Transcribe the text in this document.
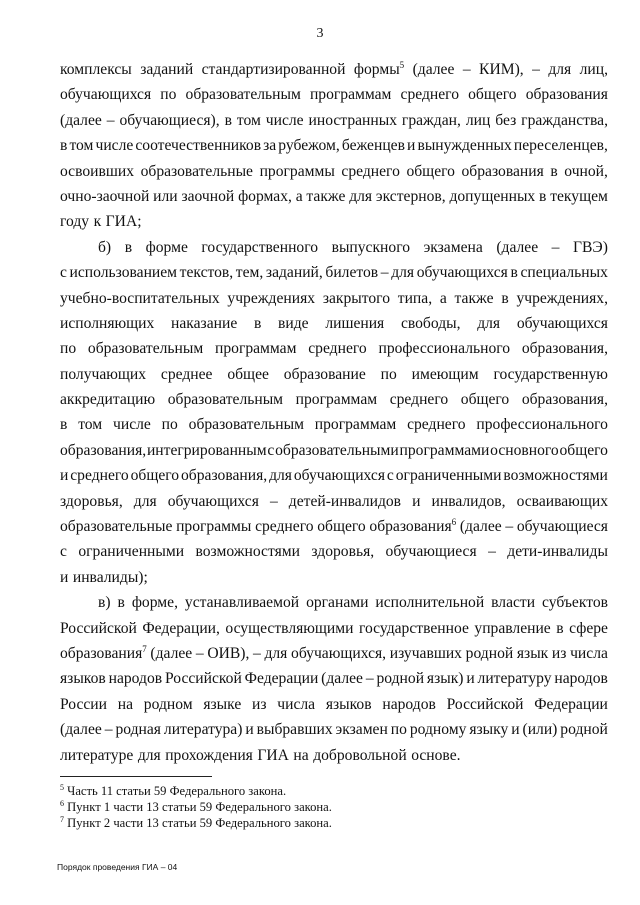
3
комплексы заданий стандартизированной формы$^5$ (далее – КИМ), – для лиц,
обучающихся по образовательным программам среднего общего образования
(далее – обучающиеся), в том числе иностранных граждан, лиц без гражданства,
в том числе соотечественников за рубежом, беженцев и вынужденных переселенцев,
освоивших образовательные программы среднего общего образования в очной,
очно-заочной или заочной формах, а также для экстернов, допущенных в текущем
году к ГИА;
б) в форме государственного выпускного экзамена (далее – ГВЭ)
с использованием текстов, тем, заданий, билетов – для обучающихся в специальных
учебно-воспитательных учреждениях закрытого типа, а также в учреждениях,
исполняющих наказание в виде лишения свободы, для обучающихся
по образовательным программам среднего профессионального образования,
получающих среднее общее образование по имеющим государственную
аккредитацию образовательным программам среднего общего образования,
в том числе по образовательным программам среднего профессионального
образования, интегрированным с образовательными программами основного общего
и среднего общего образования, для обучающихся с ограниченными возможностями
здоровья, для обучающихся – детей-инвалидов и инвалидов, осваивающих
образовательные программы среднего общего образования$^6$ (далее – обучающиеся
с ограниченными возможностями здоровья, обучающиеся – дети-инвалиды
и инвалиды);
в) в форме, устанавливаемой органами исполнительной власти субъектов
Российской Федерации, осуществляющими государственное управление в сфере
образования$^7$ (далее – ОИВ), – для обучающихся, изучавших родной язык из числа
языков народов Российской Федерации (далее – родной язык) и литературу народов
России на родном языке из числа языков народов Российской Федерации
(далее – родная литература) и выбравших экзамен по родному языку и (или) родной
литературе для прохождения ГИА на добровольной основе.
$^5$ Часть 11 статьи 59 Федерального закона.
$^6$ Пункт 1 части 13 статьи 59 Федерального закона.
$^7$ Пункт 2 части 13 статьи 59 Федерального закона.
Порядок проведения ГИА – 04
